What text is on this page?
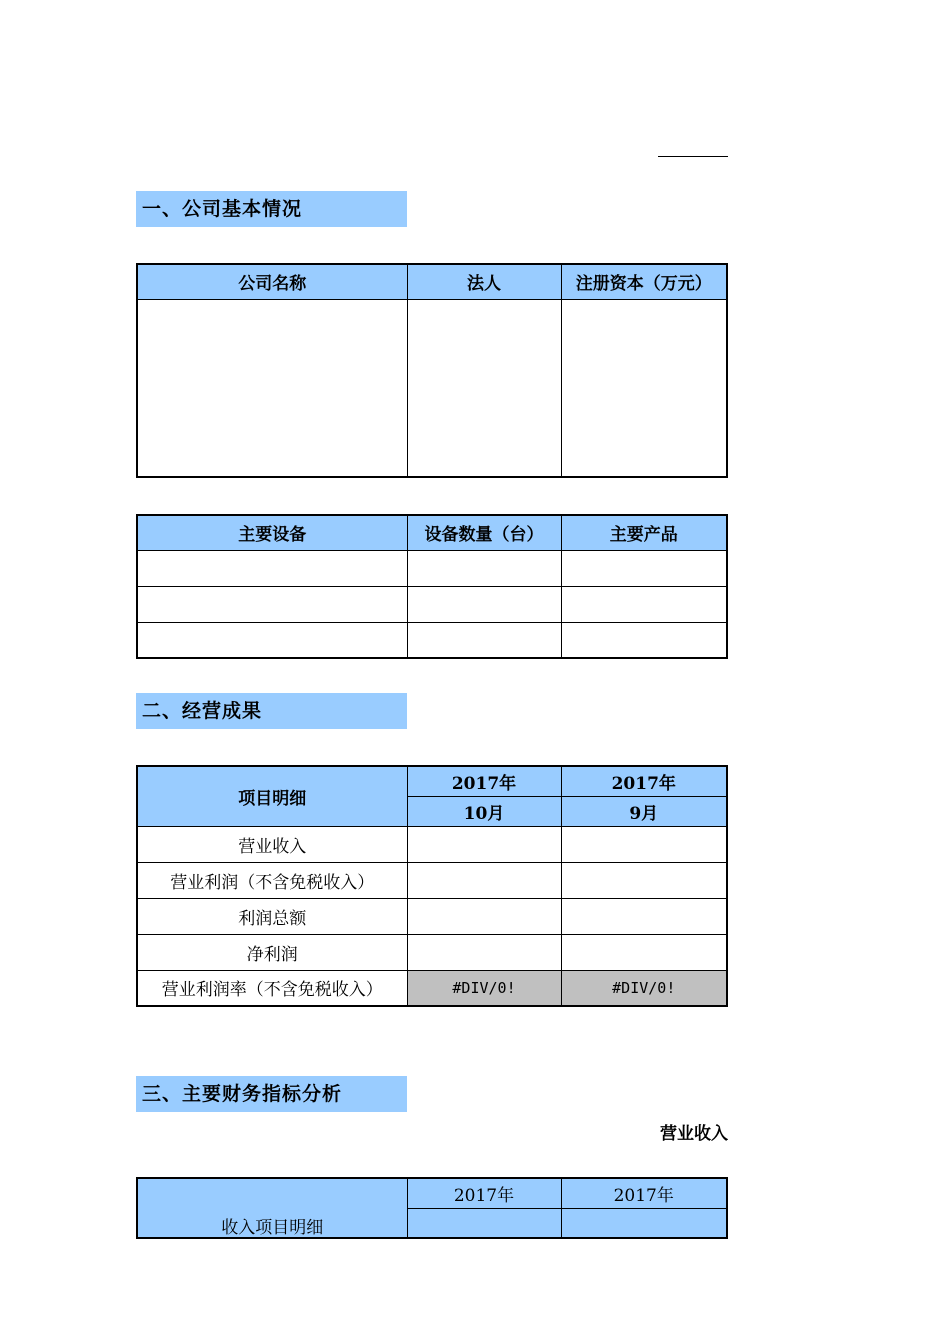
一、公司基本情况
公司名称	法人	注册资本（万元）

主要设备	设备数量（台）	主要产品

二、经营成果
项目明细	2017年	2017年
	10月	9月
营业收入		
营业利润（不含免税收入）		
利润总额		
净利润		
营业利润率（不含免税收入）	#DIV/0!	#DIV/0!
三、主要财务指标分析
营业收入
收入项目明细	2017年	2017年
